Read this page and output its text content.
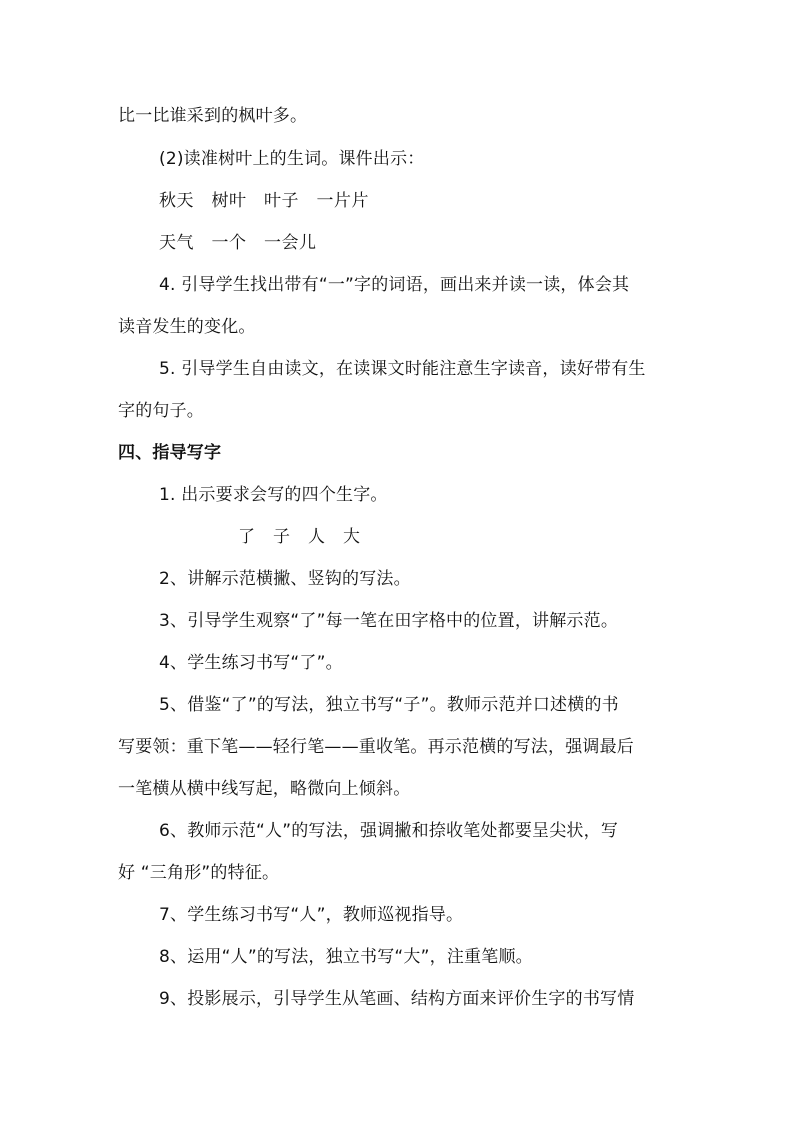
比一比谁采到的枫叶多。
(2)读准树叶上的生词。课件出示：
秋天　树叶　叶子　一片片
天气　一个　一会儿
4. 引导学生找出带有“一”字的词语，画出来并读一读，体会其
读音发生的变化。
5. 引导学生自由读文，在读课文时能注意生字读音，读好带有生
字的句子。
四、指导写字
1. 出示要求会写的四个生字。
了　子　人　大
2、讲解示范横撇、竖钩的写法。
3、引导学生观察“了”每一笔在田字格中的位置，讲解示范。
4、学生练习书写“了”。
5、借鉴“了”的写法，独立书写“子”。教师示范并口述横的书
写要领：重下笔——轻行笔——重收笔。再示范横的写法，强调最后
一笔横从横中线写起，略微向上倾斜。
6、教师示范“人”的写法，强调撇和捺收笔处都要呈尖状，写
好 “三角形”的特征。
7、学生练习书写“人”，教师巡视指导。
8、运用“人”的写法，独立书写“大”，注重笔顺。
9、投影展示，引导学生从笔画、结构方面来评价生字的书写情
